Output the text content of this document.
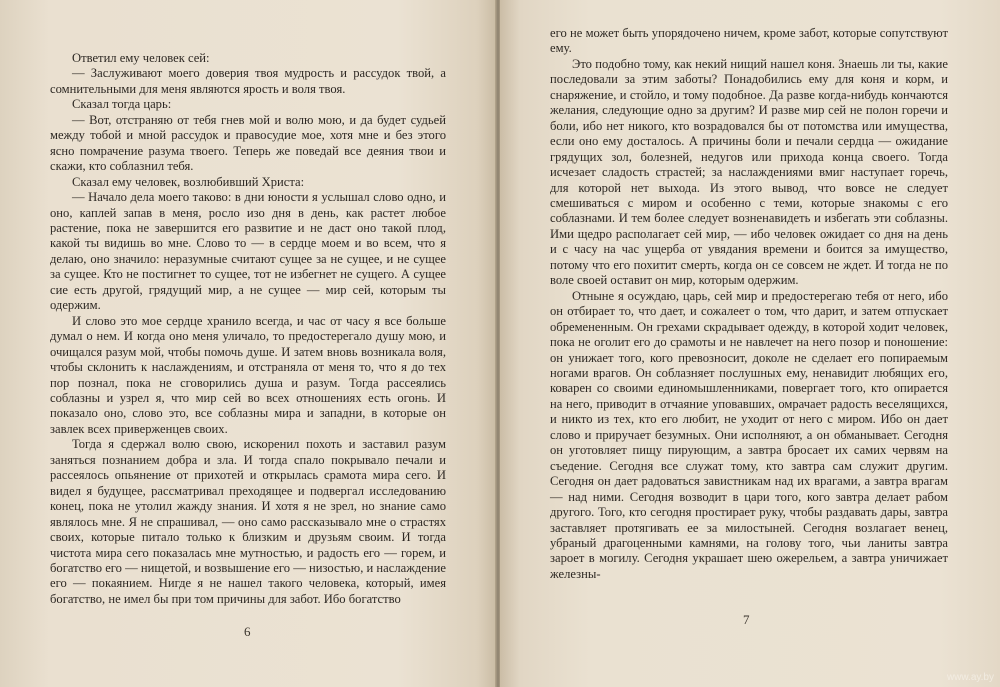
Ответил ему человек сей:

— Заслуживают моего доверия твоя мудрость и рассудок твой, а сомнительными для меня являются ярость и воля твоя.

Сказал тогда царь:

— Вот, отстраняю от тебя гнев мой и волю мою, и да будет судьей между тобой и мной рассудок и правосудие мое, хотя мне и без этого ясно помрачение разума твоего. Теперь же поведай все деяния твои и скажи, кто соблазнил тебя.

Сказал ему человек, возлюбивший Христа:

— Начало дела моего таково: в дни юности я услышал слово одно, и оно, каплей запав в меня, росло изо дня в день, как растет любое растение, пока не завершится его развитие и не даст оно такой плод, какой ты видишь во мне. Слово то — в сердце моем и во всем, что я делаю, оно значило: неразумные считают сущее за не сущее, и не сущее за сущее. Кто не постигнет то сущее, тот не избегнет не сущего. А сущее сие есть другой, грядущий мир, а не сущее — мир сей, которым ты одержим.

И слово это мое сердце хранило всегда, и час от часу я все больше думал о нем. И когда оно меня уличало, то предостерегало душу мою, и очищался разум мой, чтобы помочь душе. И затем вновь возникала воля, чтобы склонить к наслаждениям, и отстраняла от меня то, что я до тех пор познал, пока не сговорились душа и разум. Тогда рассеялись соблазны и узрел я, что мир сей во всех отношениях есть огонь. И показало оно, слово это, все соблазны мира и западни, в которые он завлек всех приверженцев своих.

Тогда я сдержал волю свою, искоренил похоть и заставил разум заняться познанием добра и зла. И тогда спало покрывало печали и рассеялось опьянение от прихотей и открылась срамота мира сего. И видел я будущее, рассматривал преходящее и подвергал исследованию конец, пока не утолил жажду знания. И хотя я не зрел, но знание само являлось мне. Я не спрашивал, — оно само рассказывало мне о страстях своих, которые питало только к близким и друзьям своим. И тогда чистота мира сего показалась мне мутностью, и радость его — горем, и богатство его — нищетой, и возвышение его — низостью, и наслаждение его — покаянием. Нигде я не нашел такого человека, который, имея богатство, не имел бы при том причины для забот. Ибо богатство

6

его не может быть упорядочено ничем, кроме забот, которые сопутствуют ему.

Это подобно тому, как некий нищий нашел коня. Знаешь ли ты, какие последовали за этим заботы? Понадобились ему для коня и корм, и снаряжение, и стойло, и тому подобное. Да разве когда-нибудь кончаются желания, следующие одно за другим? И разве мир сей не полон горечи и боли, ибо нет никого, кто возрадовался бы от потомства или имущества, если оно ему досталось. А причины боли и печали сердца — ожидание грядущих зол, болезней, недугов или прихода конца своего. Тогда исчезает сладость страстей; за наслаждениями вмиг наступает горечь, для которой нет выхода. Из этого вывод, что вовсе не следует смешиваться с миром и особенно с теми, которые знакомы с его соблазнами. И тем более следует возненавидеть и избегать эти соблазны. Ими щедро располагает сей мир, — ибо человек ожидает со дня на день и с часу на час ущерба от увядания времени и боится за имущество, потому что его похитит смерть, когда он се совсем не ждет. И тогда не по воле своей оставит он мир, которым одержим.

Отныне я осуждаю, царь, сей мир и предостерегаю тебя от него, ибо он отбирает то, что дает, и сожалеет о том, что дарит, и затем отпускает обремененным. Он грехами скрадывает одежду, в которой ходит человек, пока не оголит его до срамоты и не навлечет на него позор и поношение: он унижает того, кого превозносит, доколе не сделает его попираемым ногами врагов. Он соблазняет послушных ему, ненавидит любящих его, коварен со своими единомышленниками, повергает того, кто опирается на него, приводит в отчаяние уповавших, омрачает радость веселящихся, и никто из тех, кто его любит, не уходит от него с миром. Ибо он дает слово и приручает безумных. Они исполняют, а он обманывает. Сегодня он уготовляет пищу пирующим, а завтра бросает их самих червям на съедение. Сегодня все служат тому, кто завтра сам служит другим. Сегодня он дает радоваться завистникам над их врагами, а завтра врагам — над ними. Сегодня возводит в цари того, кого завтра делает рабом другого. Того, кто сегодня простирает руку, чтобы раздавать дары, завтра заставляет протягивать ее за милостыней. Сегодня возлагает венец, убраный драгоценными камнями, на голову того, чьи ланиты завтра зароет в могилу. Сегодня украшает шею ожерельем, а завтра уничижает железны-

7
www.ay.by
